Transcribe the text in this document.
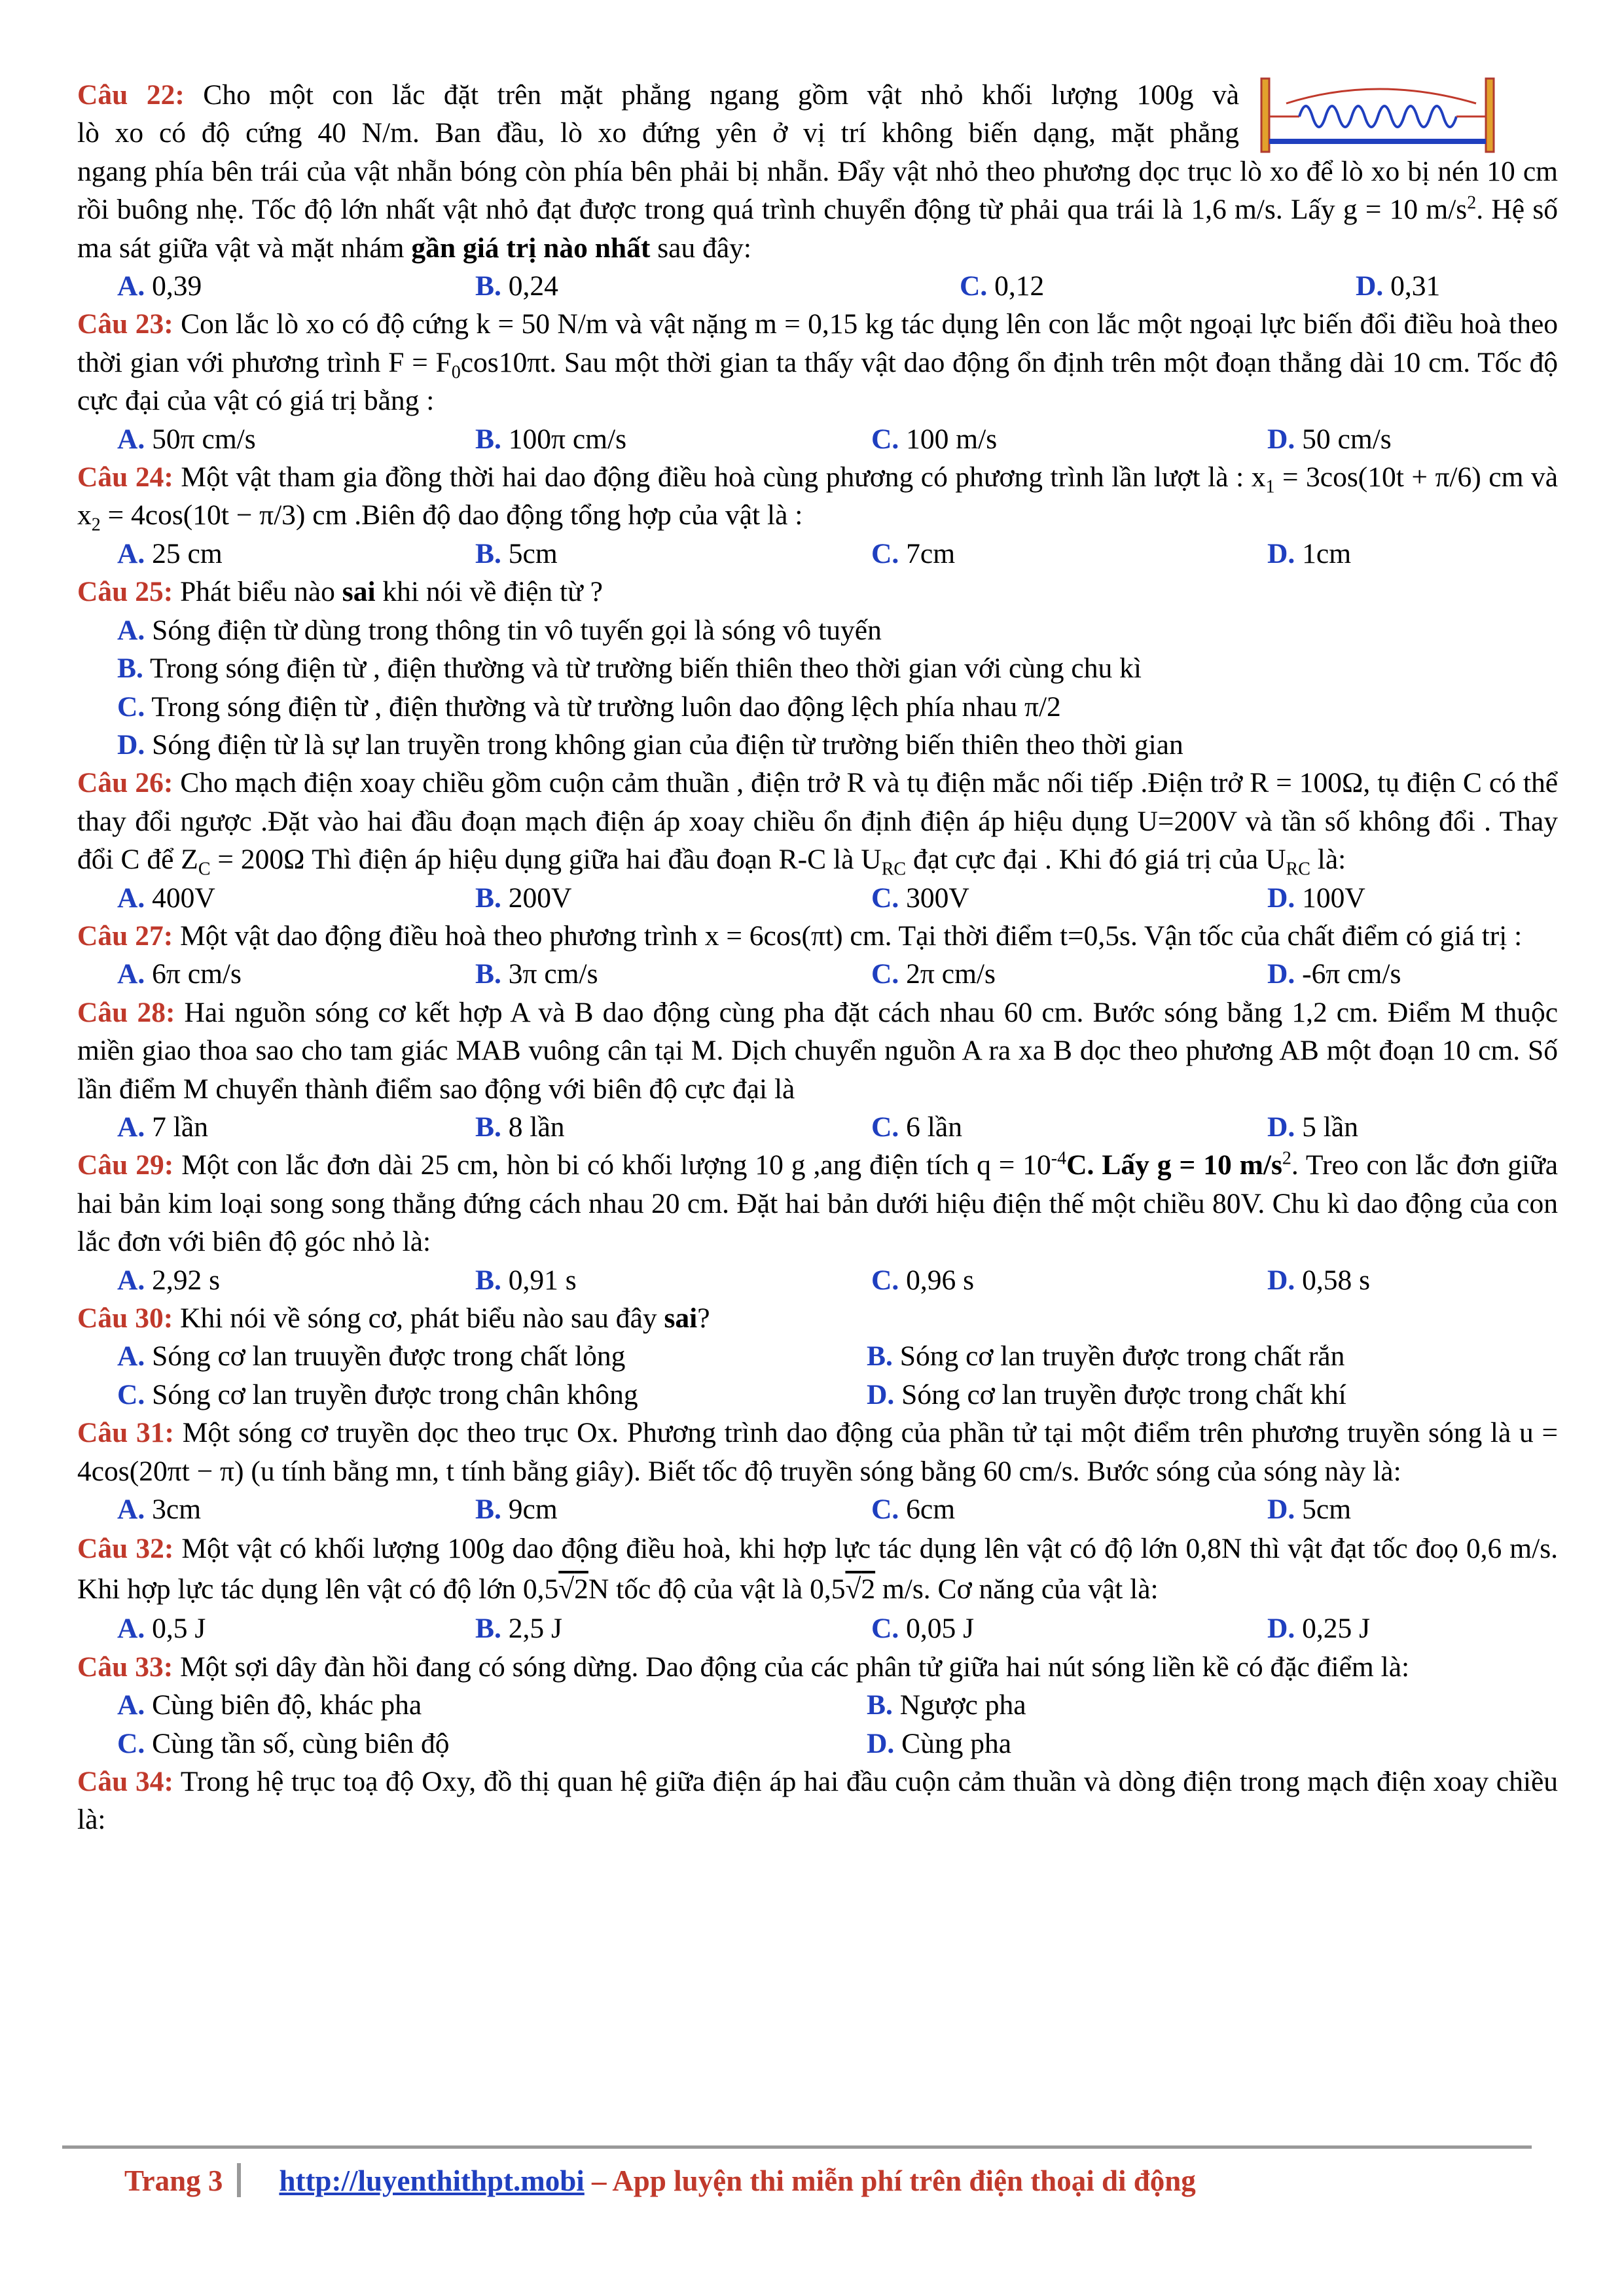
Câu 22: Cho một con lắc đặt trên mặt phẳng ngang gồm vật nhỏ khối lượng 100g và

lò xo có độ cứng 40 N/m. Ban đầu, lò xo đứng yên ở vị trí không biến dạng, mặt phẳng

ngang phía bên trái của vật nhẵn bóng còn phía bên phải bị nhẵn. Đẩy vật nhỏ theo phương dọc trục lò xo để lò xo bị nén 10 cm rồi buông nhẹ. Tốc độ lớn nhất vật nhỏ đạt được trong quá trình chuyển động từ phải qua trái là 1,6 m/s. Lấy g = 10 $m/s^2$. Hệ số ma sát giữa vật và mặt nhám gần giá trị nào nhất sau đây:

A. 0,39	B. 0,24	C. 0,12	D. 0,31

Câu 23: Con lắc lò xo có độ cứng k = 50 N/m và vật nặng m = 0,15 kg tác dụng lên con lắc một ngoại lực biến đổi điều hoà theo thời gian với phương trình $F = F_0\cos 10\pi t$. Sau một thời gian ta thấy vật dao động ổn định trên một đoạn thẳng dài 10 cm. Tốc độ cực đại của vật có giá trị bằng :

A. 50π cm/s	B. 100π cm/s	C. 100 m/s	D. 50 cm/s

Câu 24: Một vật tham gia đồng thời hai dao động điều hoà cùng phương có phương trình lần lượt là : $x_1 = 3\cos(10t + \pi/6)$ cm và $x_2 = 4\cos(10t - \pi/3)$ cm .Biên độ dao động tổng hợp của vật là :

A. 25 cm	B. 5cm	C. 7cm	D. 1cm

Câu 25: Phát biểu nào sai khi nói về điện từ ?

A. Sóng điện từ dùng trong thông tin vô tuyến gọi là sóng vô tuyến

B. Trong sóng điện từ , điện thường và từ trường biến thiên theo thời gian với cùng chu kì

C. Trong sóng điện từ , điện thường và từ trường luôn dao động lệch phía nhau π/2

D. Sóng điện từ là sự lan truyền trong không gian của điện từ trường biến thiên theo thời gian

Câu 26: Cho mạch điện xoay chiều gồm cuộn cảm thuần , điện trở R và tụ điện mắc nối tiếp .Điện trở R = 100Ω, tụ điện C có thể thay đổi ngược .Đặt vào hai đầu đoạn mạch điện áp xoay chiều ổn định điện áp hiệu dụng U=200V và tần số không đổi . Thay đổi C để $Z_C = 200\Omega$ Thì điện áp hiệu dụng giữa hai đầu đoạn R-C là $U_{RC}$ đạt cực đại . Khi đó giá trị của $U_{RC}$ là:

A. 400V	B. 200V	C. 300V	D. 100V

Câu 27: Một vật dao động điều hoà theo phương trình x = 6cos(πt) cm. Tại thời điểm t=0,5s. Vận tốc của chất điểm có giá trị :

A. 6π cm/s	B. 3π cm/s	C. 2π cm/s	D. -6π cm/s

Câu 28: Hai nguồn sóng cơ kết hợp A và B dao động cùng pha đặt cách nhau 60 cm. Bước sóng bằng 1,2 cm. Điểm M thuộc miền giao thoa sao cho tam giác MAB vuông cân tại M. Dịch chuyển nguồn A ra xa B dọc theo phương AB một đoạn 10 cm. Số lần điểm M chuyển thành điểm sao động với biên độ cực đại là

A. 7 lần	B. 8 lần	C. 6 lần	D. 5 lần

Câu 29: Một con lắc đơn dài 25 cm, hòn bi có khối lượng 10 g ,ang điện tích $q = 10^{-4}C$. Lấy g = 10 $m/s^2$. Treo con lắc đơn giữa hai bản kim loại song song thẳng đứng cách nhau 20 cm. Đặt hai bản dưới hiệu điện thế một chiều 80V. Chu kì dao động của con lắc đơn với biên độ góc nhỏ là:

A. 2,92 s	B. 0,91 s	C. 0,96 s	D. 0,58 s

Câu 30: Khi nói về sóng cơ, phát biểu nào sau đây sai?

A. Sóng cơ lan truuyền được trong chất lỏng	B. Sóng cơ lan truyền được trong chất rắn
C. Sóng cơ lan truyền được trong chân không	D. Sóng cơ lan truyền được trong chất khí

Câu 31: Một sóng cơ truyền dọc theo trục Ox. Phương trình dao động của phần tử tại một điểm trên phương truyền sóng là u = 4cos(20πt − π) (u tính bằng mn, t tính bằng giây). Biết tốc độ truyền sóng bằng 60 cm/s. Bước sóng của sóng này là:

A. 3cm	B. 9cm	C. 6cm	D. 5cm

Câu 32: Một vật có khối lượng 100g dao động điều hoà, khi hợp lực tác dụng lên vật có độ lớn 0,8N thì vật đạt tốc đoọ 0,6 m/s. Khi hợp lực tác dụng lên vật có độ lớn 0,5√2N tốc độ của vật là 0,5√2 m/s. Cơ năng của vật là:

A. 0,5 J	B. 2,5 J	C. 0,05 J	D. 0,25 J

Câu 33: Một sợi dây đàn hồi đang có sóng dừng. Dao động của các phân tử giữa hai nút sóng liền kề có đặc điểm là:

A. Cùng biên độ, khác pha	B. Ngược pha
C. Cùng tần số, cùng biên độ	D. Cùng pha

Câu 34: Trong hệ trục toạ độ Oxy, đồ thị quan hệ giữa điện áp hai đầu cuộn cảm thuần và dòng điện trong mạch điện xoay chiều là:

Trang 3 http://luyenthithpt.mobi – App luyện thi miễn phí trên điện thoại di động
